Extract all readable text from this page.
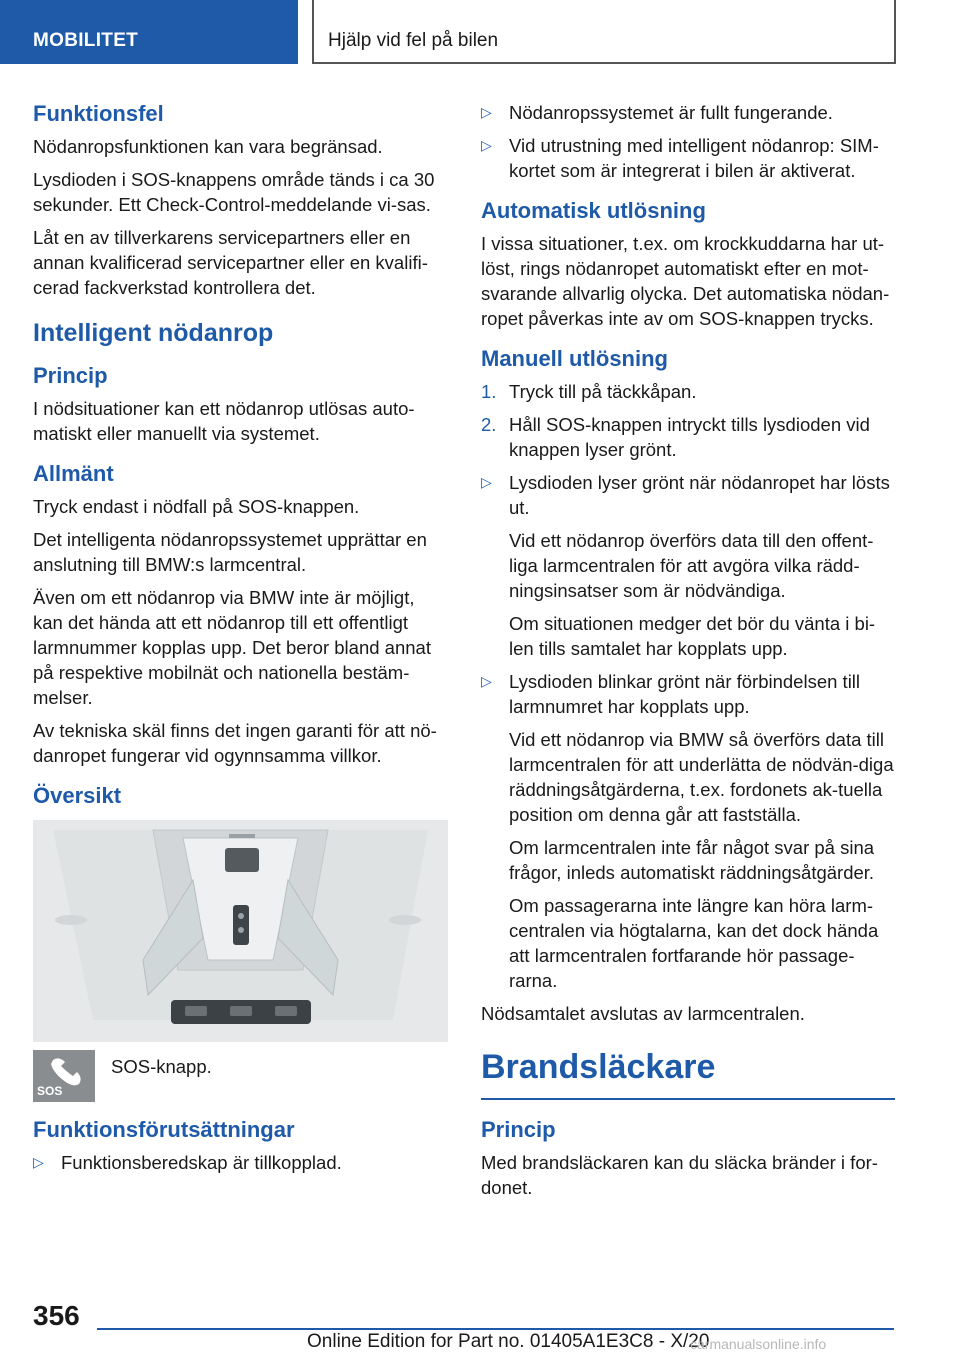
MOBILITET	Hjälp vid fel på bilen
Funktionsfel

Nödanropsfunktionen kan vara begränsad.

Lysdioden i SOS-knappens område tänds i ca 30 sekunder. Ett Check-Control-meddelande vi-sas.

Låt en av tillverkarens servicepartners eller en annan kvalificerad servicepartner eller en kvalifi-cerad fackverkstad kontrollera det.

Intelligent nödanrop
Princip

I nödsituationer kan ett nödanrop utlösas auto-matiskt eller manuellt via systemet.

Allmänt

Tryck endast i nödfall på SOS-knappen.

Det intelligenta nödanropssystemet upprättar en anslutning till BMW:s larmcentral.

Även om ett nödanrop via BMW inte är möjligt, kan det hända att ett nödanrop till ett offentligt larmnummer kopplas upp. Det beror bland annat på respektive mobilnät och nationella bestäm-melser.

Av tekniska skäl finns det ingen garanti för att nö-danropet fungerar vid ogynnsamma villkor.

Översikt
SOS

SOS-knapp.

Funktionsförutsättningar
▷ Funktionsberedskap är tillkopplad.
▷ Nödanropssystemet är fullt fungerande.
▷ Vid utrustning med intelligent nödanrop: SIM-kortet som är integrerat i bilen är aktiverat.
Automatisk utlösning

I vissa situationer, t.ex. om krockkuddarna har ut-löst, rings nödanropet automatiskt efter en mot-svarande allvarlig olycka. Det automatiska nödan-ropet påverkas inte av om SOS-knappen trycks.

Manuell utlösning
1. Tryck till på täckkåpan.
2. Håll SOS-knappen intryckt tills lysdioden vid knappen lyser grönt.
▷ Lysdioden lyser grönt när nödanropet har lösts ut.

Vid ett nödanrop överförs data till den offent-liga larmcentralen för att avgöra vilka rädd-ningsinsatser som är nödvändiga.

Om situationen medger det bör du vänta i bi-len tills samtalet har kopplats upp.

▷ Lysdioden blinkar grönt när förbindelsen till larmnumret har kopplats upp.

Vid ett nödanrop via BMW så överförs data till larmcentralen för att underlätta de nödvän-diga räddningsåtgärderna, t.ex. fordonets ak-tuella position om denna går att fastställa.

Om larmcentralen inte får något svar på sina frågor, inleds automatiskt räddningsåtgärder.

Om passagerarna inte längre kan höra larm-centralen via högtalarna, kan det dock hända att larmcentralen fortfarande hör passage-rarna.

Nödsamtalet avslutas av larmcentralen.

Brandsläckare
Princip

Med brandsläckaren kan du släcka bränder i for-donet.

356
Online Edition for Part no. 01405A1E3C8 - X/20
carmanualsonline.info
